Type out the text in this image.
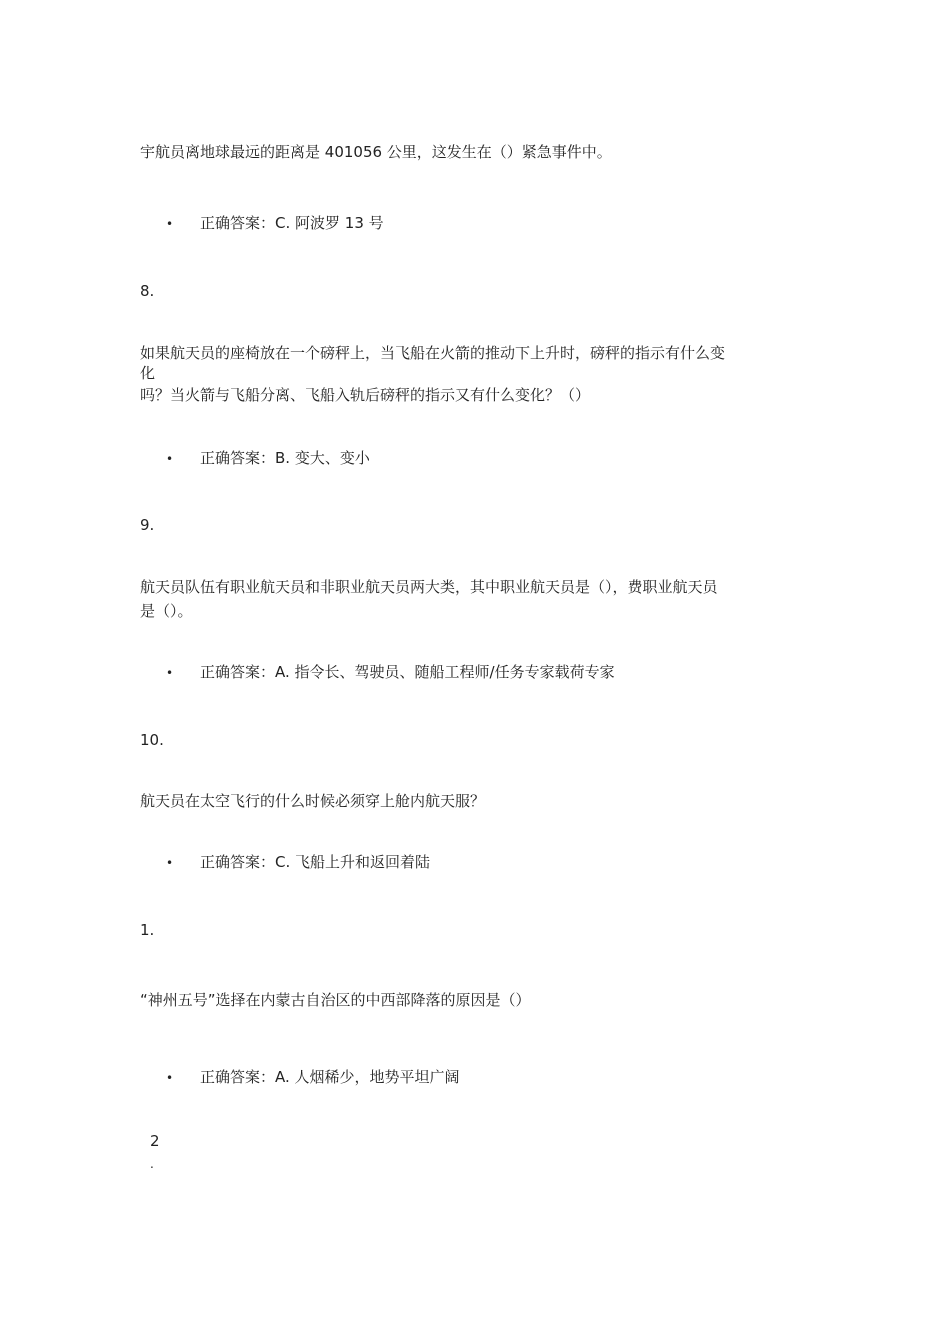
宇航员离地球最远的距离是 401056 公里，这发生在（）紧急事件中。
• 正确答案：C. 阿波罗 13 号
8.
如果航天员的座椅放在一个磅秤上，当飞船在火箭的推动下上升时，磅秤的指示有什么变
化
吗？当火箭与飞船分离、飞船入轨后磅秤的指示又有什么变化？（）
• 正确答案：B. 变大、变小
9.
航天员队伍有职业航天员和非职业航天员两大类，其中职业航天员是（），费职业航天员
是（）。
• 正确答案：A. 指令长、驾驶员、随船工程师/任务专家载荷专家
10.
航天员在太空飞行的什么时候必须穿上舱内航天服？
• 正确答案：C. 飞船上升和返回着陆
1.
“神州五号”选择在内蒙古自治区的中西部降落的原因是（）
• 正确答案：A. 人烟稀少，地势平坦广阔
2
.
